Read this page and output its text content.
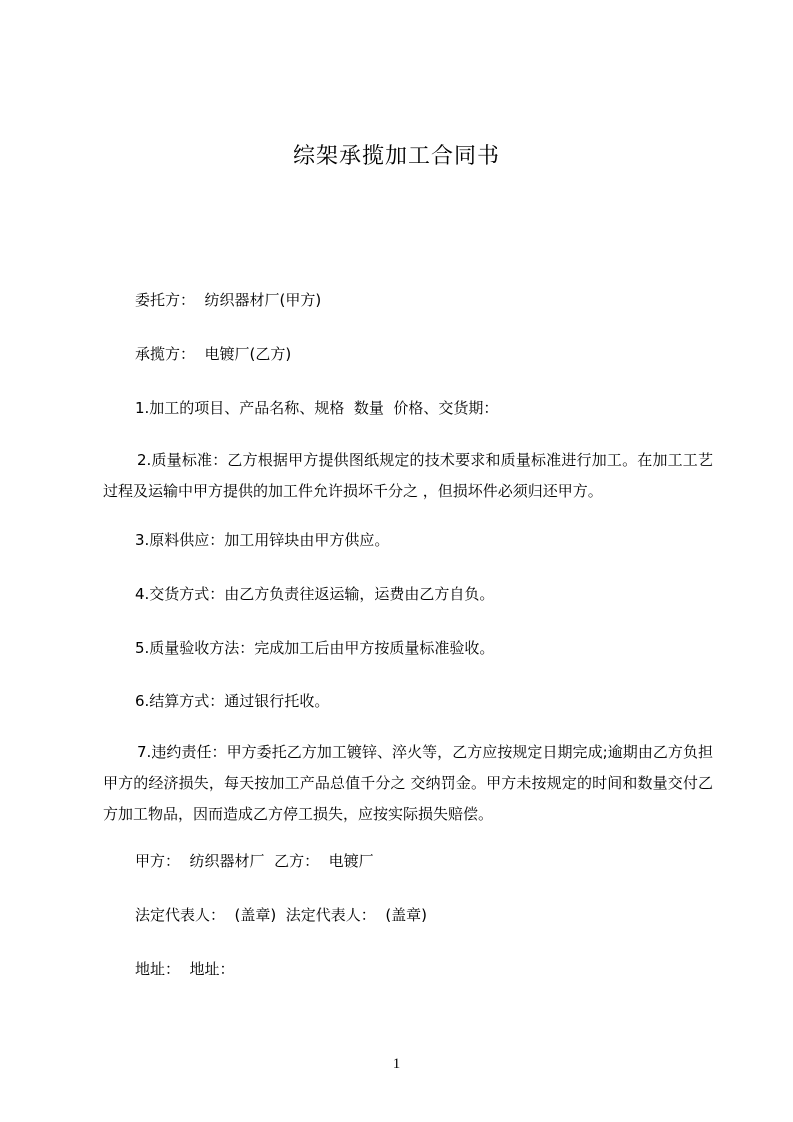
综架承揽加工合同书

委托方：  纺织器材厂(甲方)

承揽方：  电镀厂(乙方)

1.加工的项目、产品名称、规格  数量  价格、交货期：

2.质量标准：乙方根据甲方提供图纸规定的技术要求和质量标准进行加工。在加工工艺过程及运输中甲方提供的加工件允许损坏千分之 ，但损坏件必须归还甲方。

3.原料供应：加工用锌块由甲方供应。

4.交货方式：由乙方负责往返运输，运费由乙方自负。

5.质量验收方法：完成加工后由甲方按质量标准验收。

6.结算方式：通过银行托收。

7.违约责任：甲方委托乙方加工镀锌、淬火等，乙方应按规定日期完成;逾期由乙方负担甲方的经济损失，每天按加工产品总值千分之 交纳罚金。甲方未按规定的时间和数量交付乙方加工物品，因而造成乙方停工损失，应按实际损失赔偿。

甲方：  纺织器材厂  乙方：  电镀厂

法定代表人：  (盖章)  法定代表人：  (盖章)

地址：  地址：

1
